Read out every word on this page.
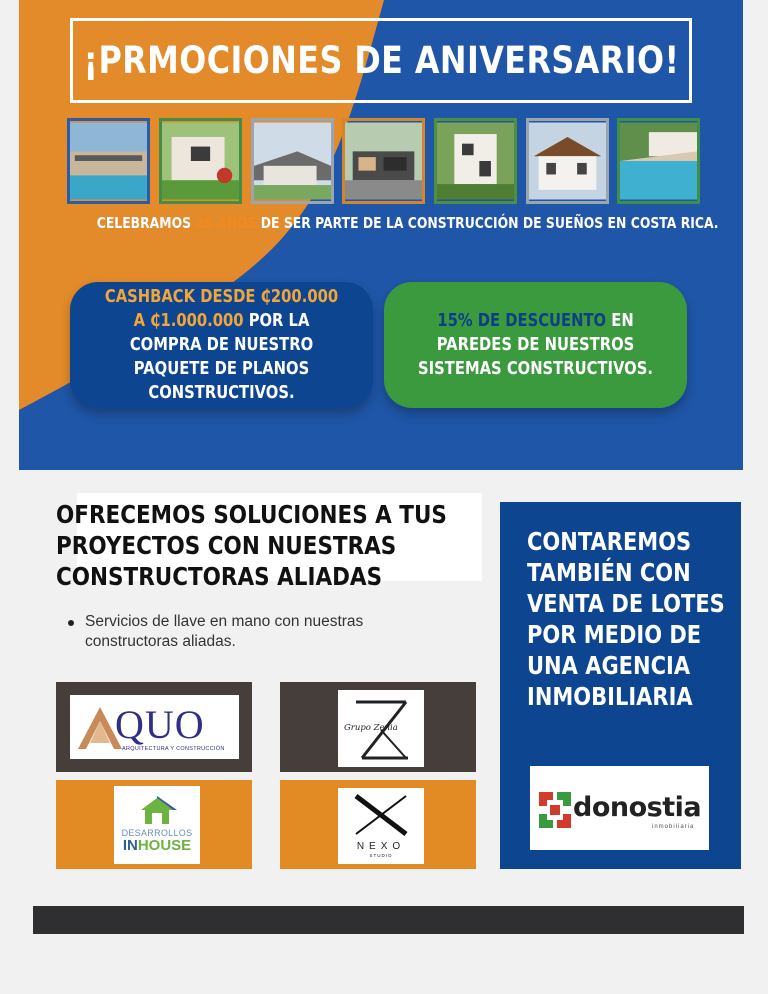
¡PRMOCIONES DE ANIVERSARIO!
CELEBRAMOS 26 AÑOS DE SER PARTE DE LA CONSTRUCCIÓN DE SUEÑOS EN COSTA RICA.
CASHBACK DESDE ₵200.000 A ₵1.000.000 POR LA COMPRA DE NUESTRO PAQUETE DE PLANOS CONSTRUCTIVOS.
15% DE DESCUENTO EN PAREDES DE NUESTROS SISTEMAS CONSTRUCTIVOS.
OFRECEMOS SOLUCIONES A TUS PROYECTOS CON NUESTRAS CONSTRUCTORAS ALIADAS
Servicios de llave en mano con nuestras constructoras aliadas.
QUO
ARQUITECTURA Y CONSTRUCCIÓN
Grupo Zenia
DESARROLLOS
INHOUSE	NEXO
STUDIO
CONTAREMOS TAMBIÉN CON VENTA DE LOTES POR MEDIO DE UNA AGENCIA INMOBILIARIA
donostia
inmobiliaria
